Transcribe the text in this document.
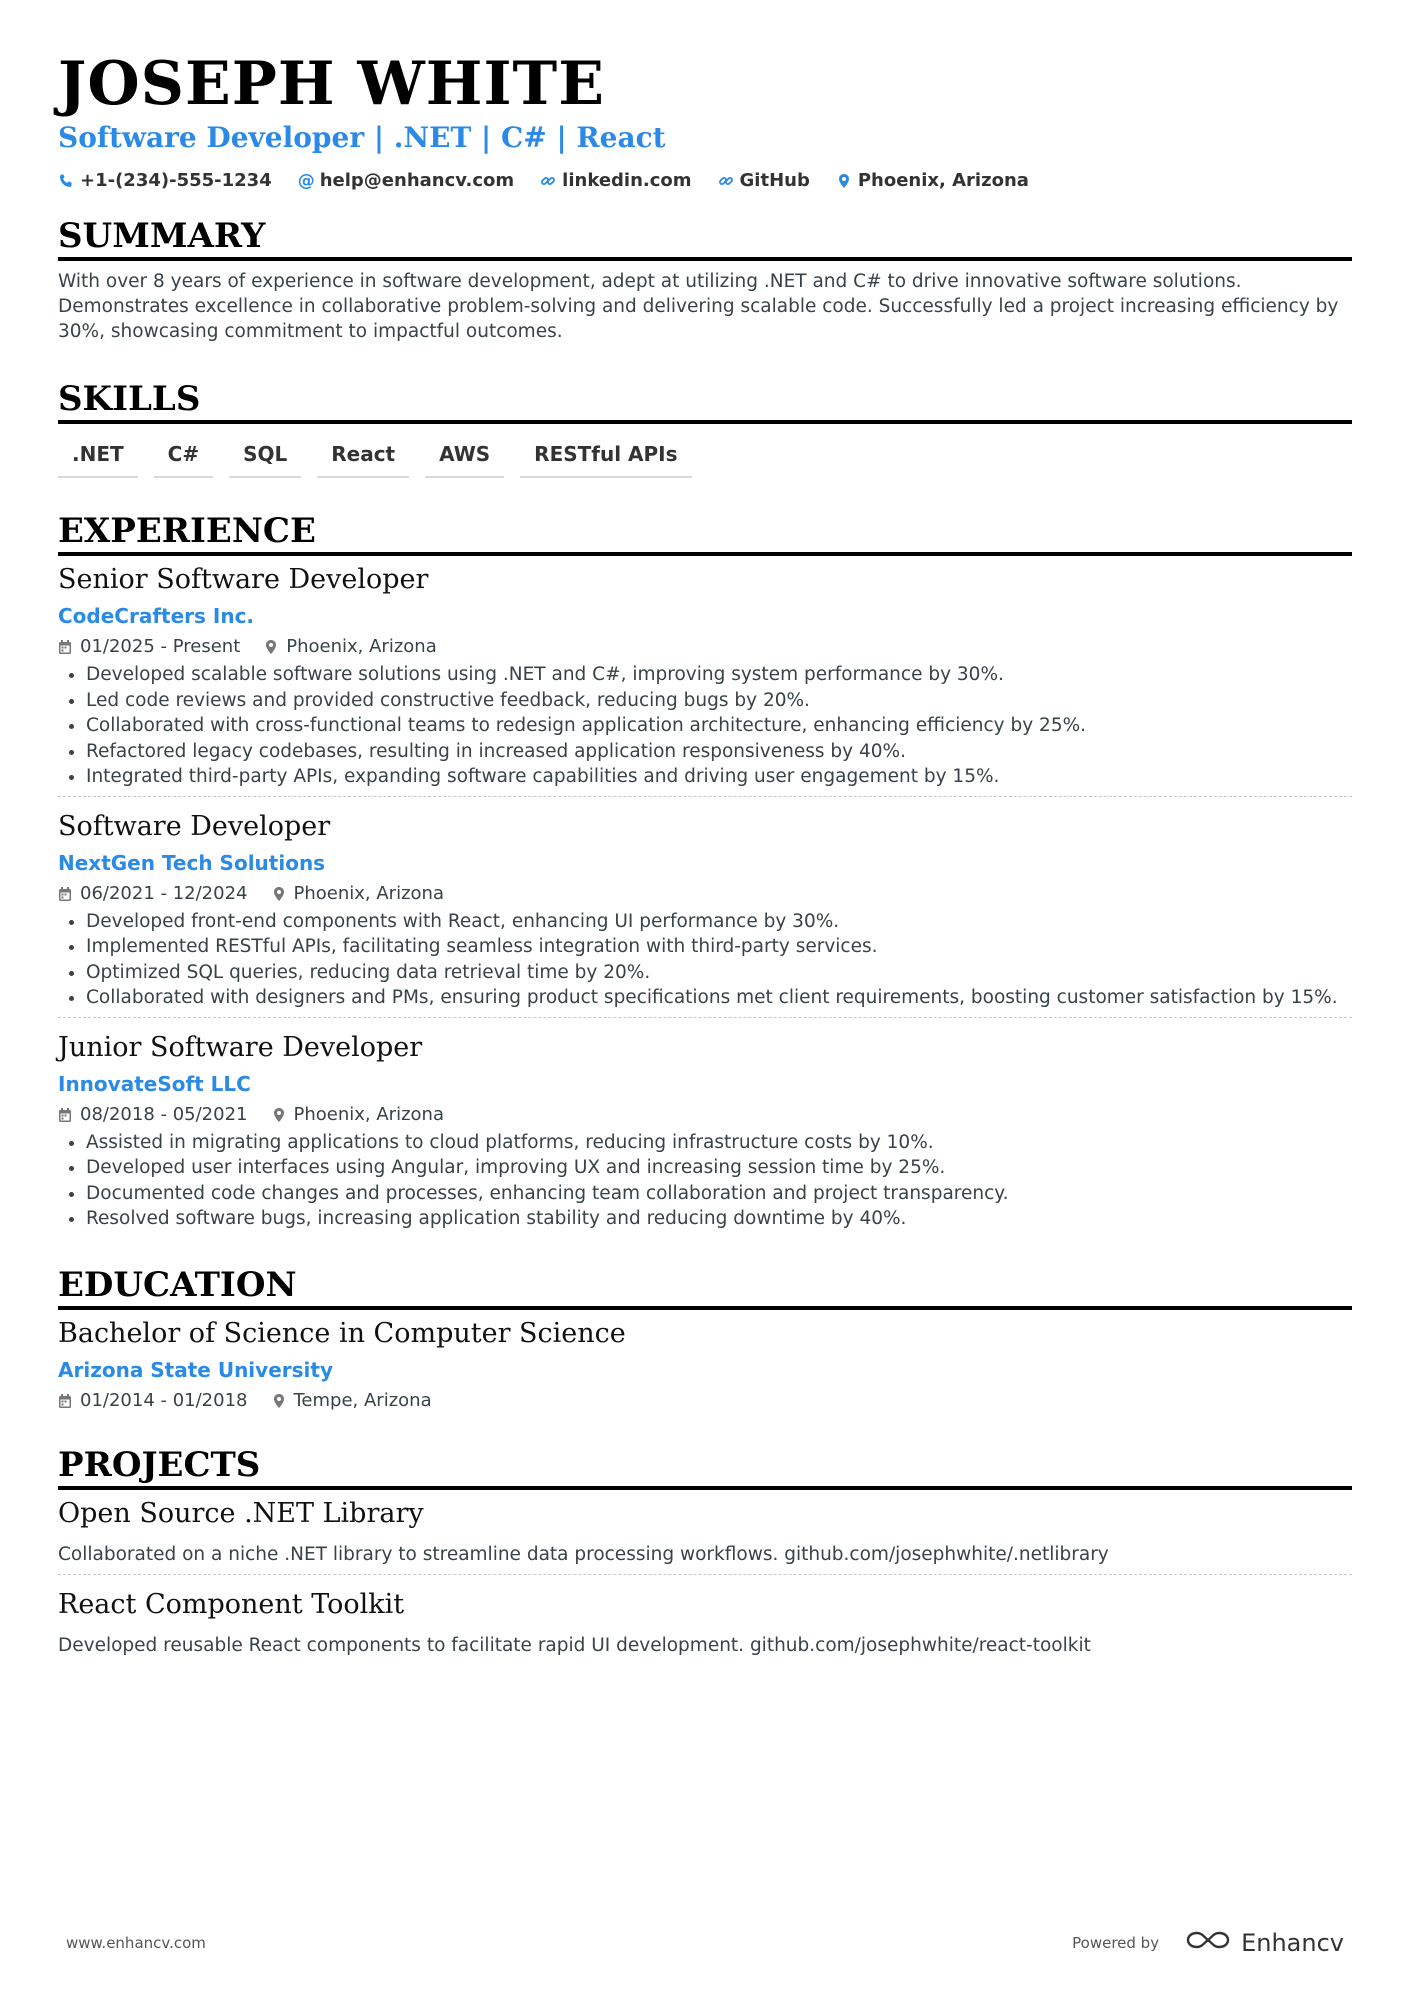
JOSEPH WHITE
Software Developer | .NET | C# | React
+1-(234)-555-1234 @ help@enhancv.com	linkedin.com	GitHub	Phoenix, Arizona
SUMMARY
With over 8 years of experience in software development, adept at utilizing .NET and C# to drive innovative software solutions. Demonstrates excellence in collaborative problem-solving and delivering scalable code. Successfully led a project increasing efficiency by 30%, showcasing commitment to impactful outcomes.
SKILLS
.NET	C#	SQL	React	AWS	RESTful APIs
EXPERIENCE
Senior Software Developer
CodeCrafters Inc.
01/2025 - Present	Phoenix, Arizona
• Developed scalable software solutions using .NET and C#, improving system performance by 30%.
• Led code reviews and provided constructive feedback, reducing bugs by 20%.
• Collaborated with cross-functional teams to redesign application architecture, enhancing efficiency by 25%.
• Refactored legacy codebases, resulting in increased application responsiveness by 40%.
• Integrated third-party APIs, expanding software capabilities and driving user engagement by 15%.
Software Developer
NextGen Tech Solutions
06/2021 - 12/2024	Phoenix, Arizona
• Developed front-end components with React, enhancing UI performance by 30%.
• Implemented RESTful APIs, facilitating seamless integration with third-party services.
• Optimized SQL queries, reducing data retrieval time by 20%.
• Collaborated with designers and PMs, ensuring product specifications met client requirements, boosting customer satisfaction by 15%.
Junior Software Developer
InnovateSoft LLC
08/2018 - 05/2021	Phoenix, Arizona
• Assisted in migrating applications to cloud platforms, reducing infrastructure costs by 10%.
• Developed user interfaces using Angular, improving UX and increasing session time by 25%.
• Documented code changes and processes, enhancing team collaboration and project transparency.
• Resolved software bugs, increasing application stability and reducing downtime by 40%.
EDUCATION
Bachelor of Science in Computer Science
Arizona State University
01/2014 - 01/2018	Tempe, Arizona
PROJECTS
Open Source .NET Library
Collaborated on a niche .NET library to streamline data processing workflows. github.com/josephwhite/.netlibrary
React Component Toolkit
Developed reusable React components to facilitate rapid UI development. github.com/josephwhite/react-toolkit
www.enhancv.com	Powered by	Enhancv
